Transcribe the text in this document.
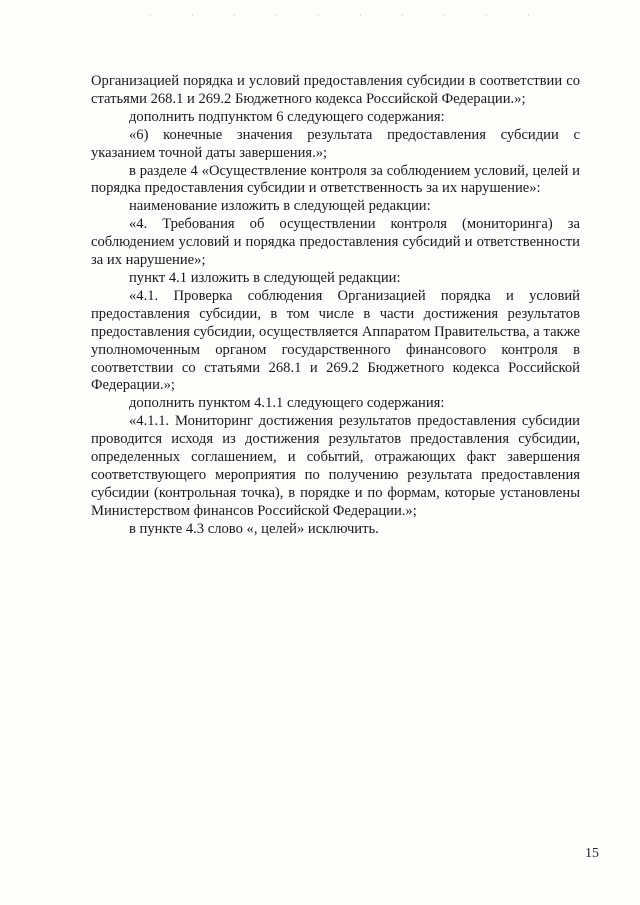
Организацией порядка и условий предоставления субсидии в соответствии со статьями 268.1 и 269.2 Бюджетного кодекса Российской Федерации.»;

дополнить подпунктом 6 следующего содержания:

«6) конечные значения результата предоставления субсидии с указанием точной даты завершения.»;

в разделе 4 «Осуществление контроля за соблюдением условий, целей и порядка предоставления субсидии и ответственность за их нарушение»:

наименование изложить в следующей редакции:

«4. Требования об осуществлении контроля (мониторинга) за соблюдением условий и порядка предоставления субсидий и ответственности за их нарушение»;

пункт 4.1 изложить в следующей редакции:

«4.1. Проверка соблюдения Организацией порядка и условий предоставления субсидии, в том числе в части достижения результатов предоставления субсидии, осуществляется Аппаратом Правительства, а также уполномоченным органом государственного финансового контроля в соответствии со статьями 268.1 и 269.2 Бюджетного кодекса Российской Федерации.»;

дополнить пунктом 4.1.1 следующего содержания:

«4.1.1. Мониторинг достижения результатов предоставления субсидии проводится исходя из достижения результатов предоставления субсидии, определенных соглашением, и событий, отражающих факт завершения соответствующего мероприятия по получению результата предоставления субсидии (контрольная точка), в порядке и по формам, которые установлены Министерством финансов Российской Федерации.»;

в пункте 4.3 слово «, целей» исключить.

15
